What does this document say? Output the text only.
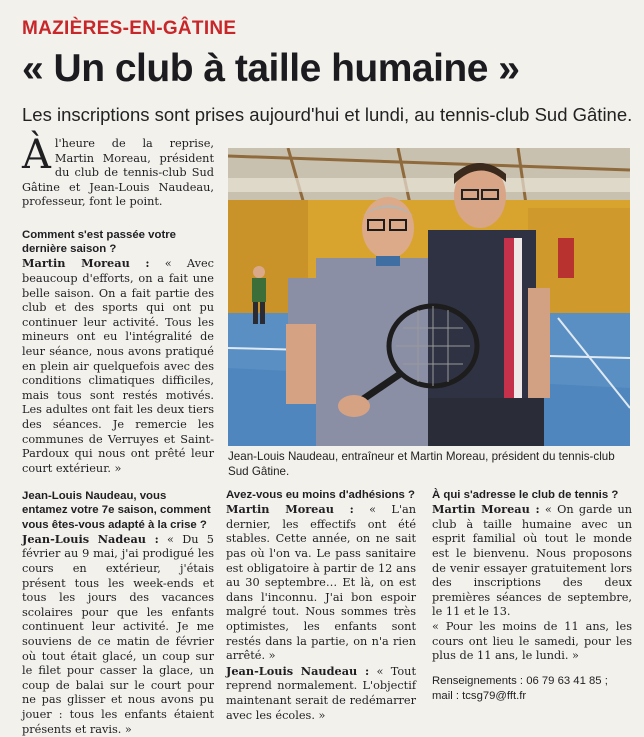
MAZIÈRES-EN-GÂTINE
« Un club à taille humaine »
Les inscriptions sont prises aujourd'hui et lundi, au tennis-club Sud Gâtine.

Àl'heure de la reprise, Martin Moreau, président du club de tennis-club Sud Gâtine et Jean-Louis Naudeau, professeur, font le point.

Comment s'est passée votre dernière saison ?

Martin Moreau : « Avec beaucoup d'efforts, on a fait une belle saison. On a fait partie des club et des sports qui ont pu continuer leur activité. Tous les mineurs ont eu l'intégralité de leur séance, nous avons pratiqué en plein air quelquefois avec des conditions climatiques difficiles, mais tous sont restés motivés. Les adultes ont fait les deux tiers des séances. Je remercie les communes de Verruyes et Saint-Pardoux qui nous ont prêté leur court extérieur. »

Jean-Louis Naudeau, vous entamez votre 7e saison, comment vous êtes-vous adapté à la crise ?

Jean-Louis Nadeau : « Du 5 février au 9 mai, j'ai prodigué les cours en extérieur, j'étais présent tous les week-ends et tous les jours des vacances scolaires pour que les enfants continuent leur activité. Je me souviens de ce matin de février où tout était glacé, un coup sur le filet pour casser la glace, un coup de balai sur le court pour ne pas glisser et nous avons pu jouer : tous les enfants étaient présents et ravis. »

Jean-Louis Naudeau, entraîneur et Martin Moreau, président du tennis-club Sud Gâtine.

Avez-vous eu moins d'adhésions ?

Martin Moreau : « L'an dernier, les effectifs ont été stables. Cette année, on ne sait pas où l'on va. Le pass sanitaire est obligatoire à partir de 12 ans au 30 septembre… Et là, on est dans l'inconnu. J'ai bon espoir malgré tout. Nous sommes très optimistes, les enfants sont restés dans la partie, on n'a rien arrêté. »

Jean-Louis Naudeau : « Tout reprend normalement. L'objectif maintenant serait de redémarrer avec les écoles. »

À qui s'adresse le club de tennis ?

Martin Moreau : « On garde un club à taille humaine avec un esprit familial où tout le monde est le bienvenu. Nous proposons de venir essayer gratuitement lors des inscriptions des deux premières séances de septembre, le 11 et le 13.

« Pour les moins de 11 ans, les cours ont lieu le samedi, pour les plus de 11 ans, le lundi. »

Renseignements : 06 79 63 41 85 ;
mail : tcsg79@fft.fr
